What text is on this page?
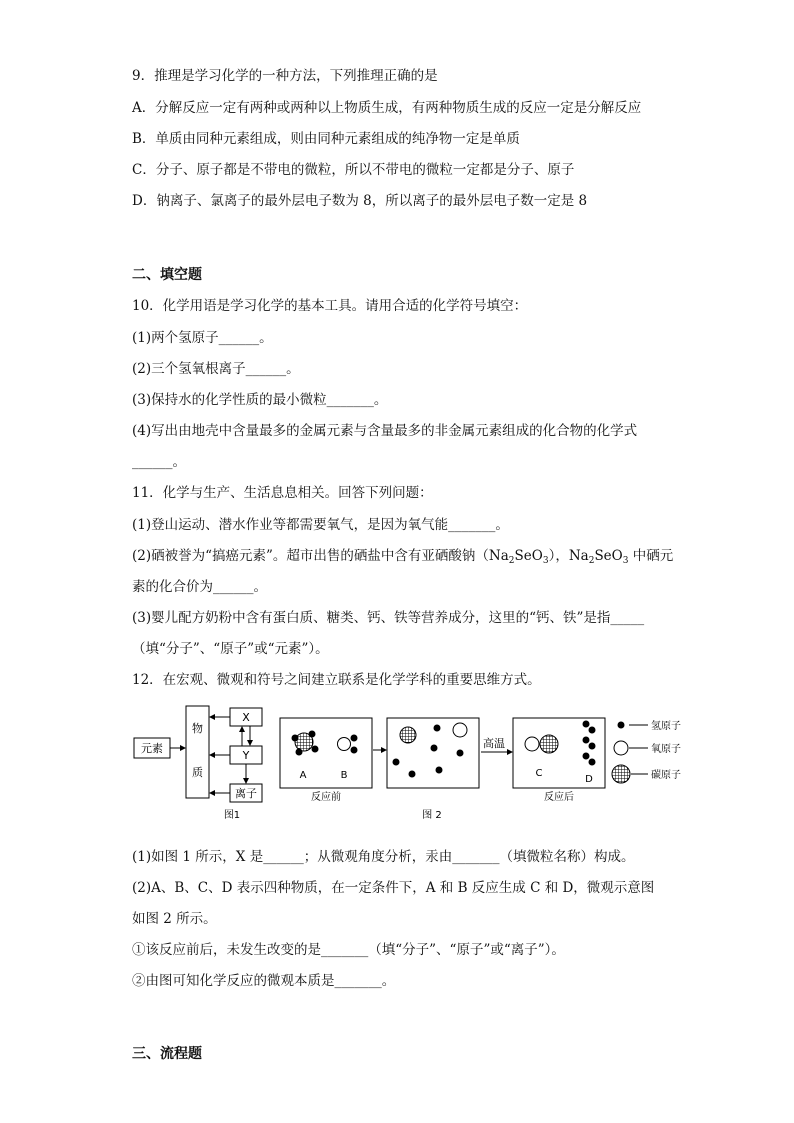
9．推理是学习化学的一种方法，下列推理正确的是
A．分解反应一定有两种或两种以上物质生成，有两种物质生成的反应一定是分解反应
B．单质由同种元素组成，则由同种元素组成的纯净物一定是单质
C．分子、原子都是不带电的微粒，所以不带电的微粒一定都是分子、原子
D．钠离子、氯离子的最外层电子数为 8，所以离子的最外层电子数一定是 8
二、填空题
10．化学用语是学习化学的基本工具。请用合适的化学符号填空：
(1)两个氢原子______。
(2)三个氢氧根离子______。
(3)保持水的化学性质的最小微粒_______。
(4)写出由地壳中含量最多的金属元素与含量最多的非金属元素组成的化合物的化学式
______。
11．化学与生产、生活息息相关。回答下列问题：
(1)登山运动、潜水作业等都需要氧气，是因为氧气能_______。
(2)硒被誉为“搞癌元素”。超市出售的硒盐中含有亚硒酸钠$(Na_2SeO_3)$，$Na_2SeO_3$ 中硒元
素的化合价为______。
(3)婴儿配方奶粉中含有蛋白质、糖类、钙、铁等营养成分，这里的“钙、铁”是指_____
（填“分子”、“原子”或“元素”）。
12．在宏观、微观和符号之间建立联系是化学学科的重要思维方式。
元素
物
质
X
Y
离子
图1
A	B
反应前
图 2
高温
C
D
反应后
氢原子
氧原子
碳原子
(1)如图 1 所示，X 是______；从微观角度分析，汞由_______（填微粒名称）构成。
(2)A、B、C、D 表示四种物质，在一定条件下，A 和 B 反应生成 C 和 D，微观示意图
如图 2 所示。
①该反应前后，未发生改变的是_______（填“分子”、“原子”或“离子”）。
②由图可知化学反应的微观本质是_______。
三、流程题
